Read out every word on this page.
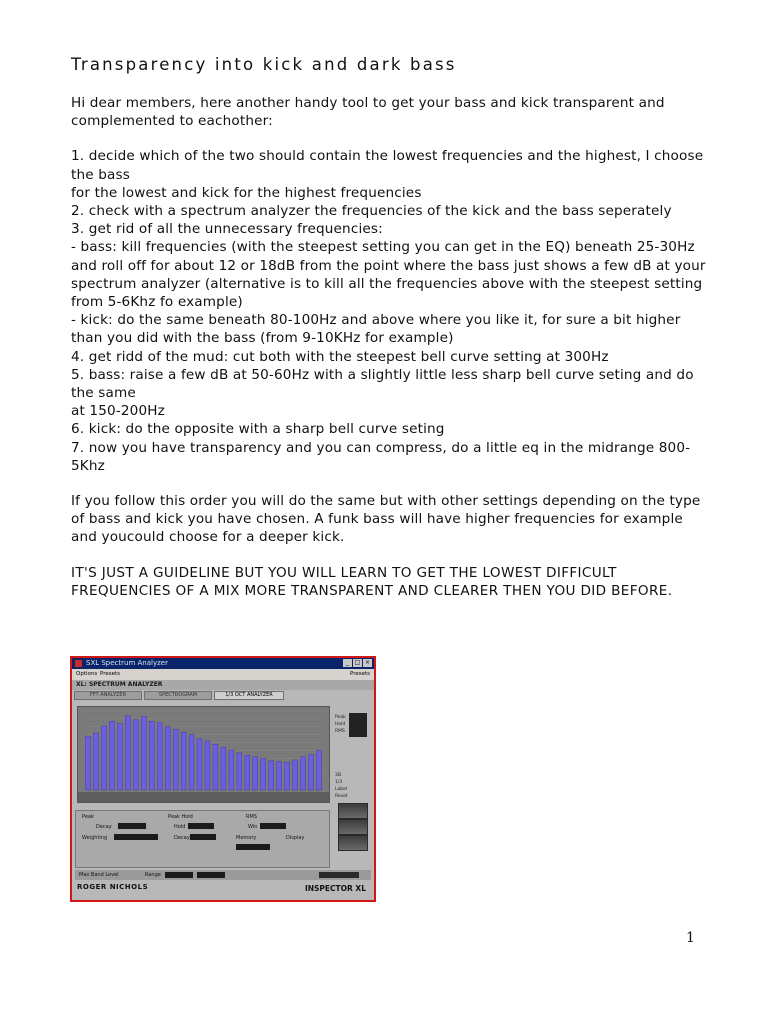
Transparency into kick and dark bass

Hi dear members, here another handy tool to get your bass and kick transparent and complemented to eachother:

1. decide which of the two should contain the lowest frequencies and the highest, I choose the bass

for the lowest and kick for the highest frequencies

2. check with a spectrum analyzer the frequencies of the kick and the bass seperately

3. get rid of all the unnecessary frequencies:

- bass: kill frequencies (with the steepest setting you can get in the EQ) beneath 25-30Hz and roll off for about 12 or 18dB from the point where the bass just shows a few dB at your spectrum analyzer (alternative is to kill all the frequencies above with the steepest setting from 5-6Khz fo example)

- kick: do the same beneath 80-100Hz and above where you like it, for sure a bit higher than you did with the bass (from 9-10KHz for example)

4. get ridd of the mud: cut both with the steepest bell curve setting at 300Hz

5. bass: raise a few dB at 50-60Hz with a slightly little less sharp bell curve seting and do the same

at 150-200Hz

6. kick: do the opposite with a sharp bell curve seting

7. now you have transparency and you can compress, do a little eq in the midrange 800-5Khz

If you follow this order you will do the same but with other settings depending on the type of bass and kick you have chosen. A funk bass will have higher frequencies for example and youcould choose for a deeper kick.

IT'S JUST A GUIDELINE BUT YOU WILL LEARN TO GET THE LOWEST DIFFICULT FREQUENCIES OF A MIX MORE TRANSPARENT AND CLEARER THEN YOU DID BEFORE.

SXL Spectrum Analyzer	_ □ ×
Options Presets	Presets
XL: SPECTRUM ANALYZER
FFT ANALYZER	SPECTROGRAM	1/3 OCT ANALYZER
Peak
Hold
RMS
3D
1/3
Label
Reset
Peak	Peak Hold	RMS
Decay	Hold	Win
Weighting	Decay	Memory	Display
Max Band Level	Range
ROGER NICHOLS	INSPECTOR XL
1
